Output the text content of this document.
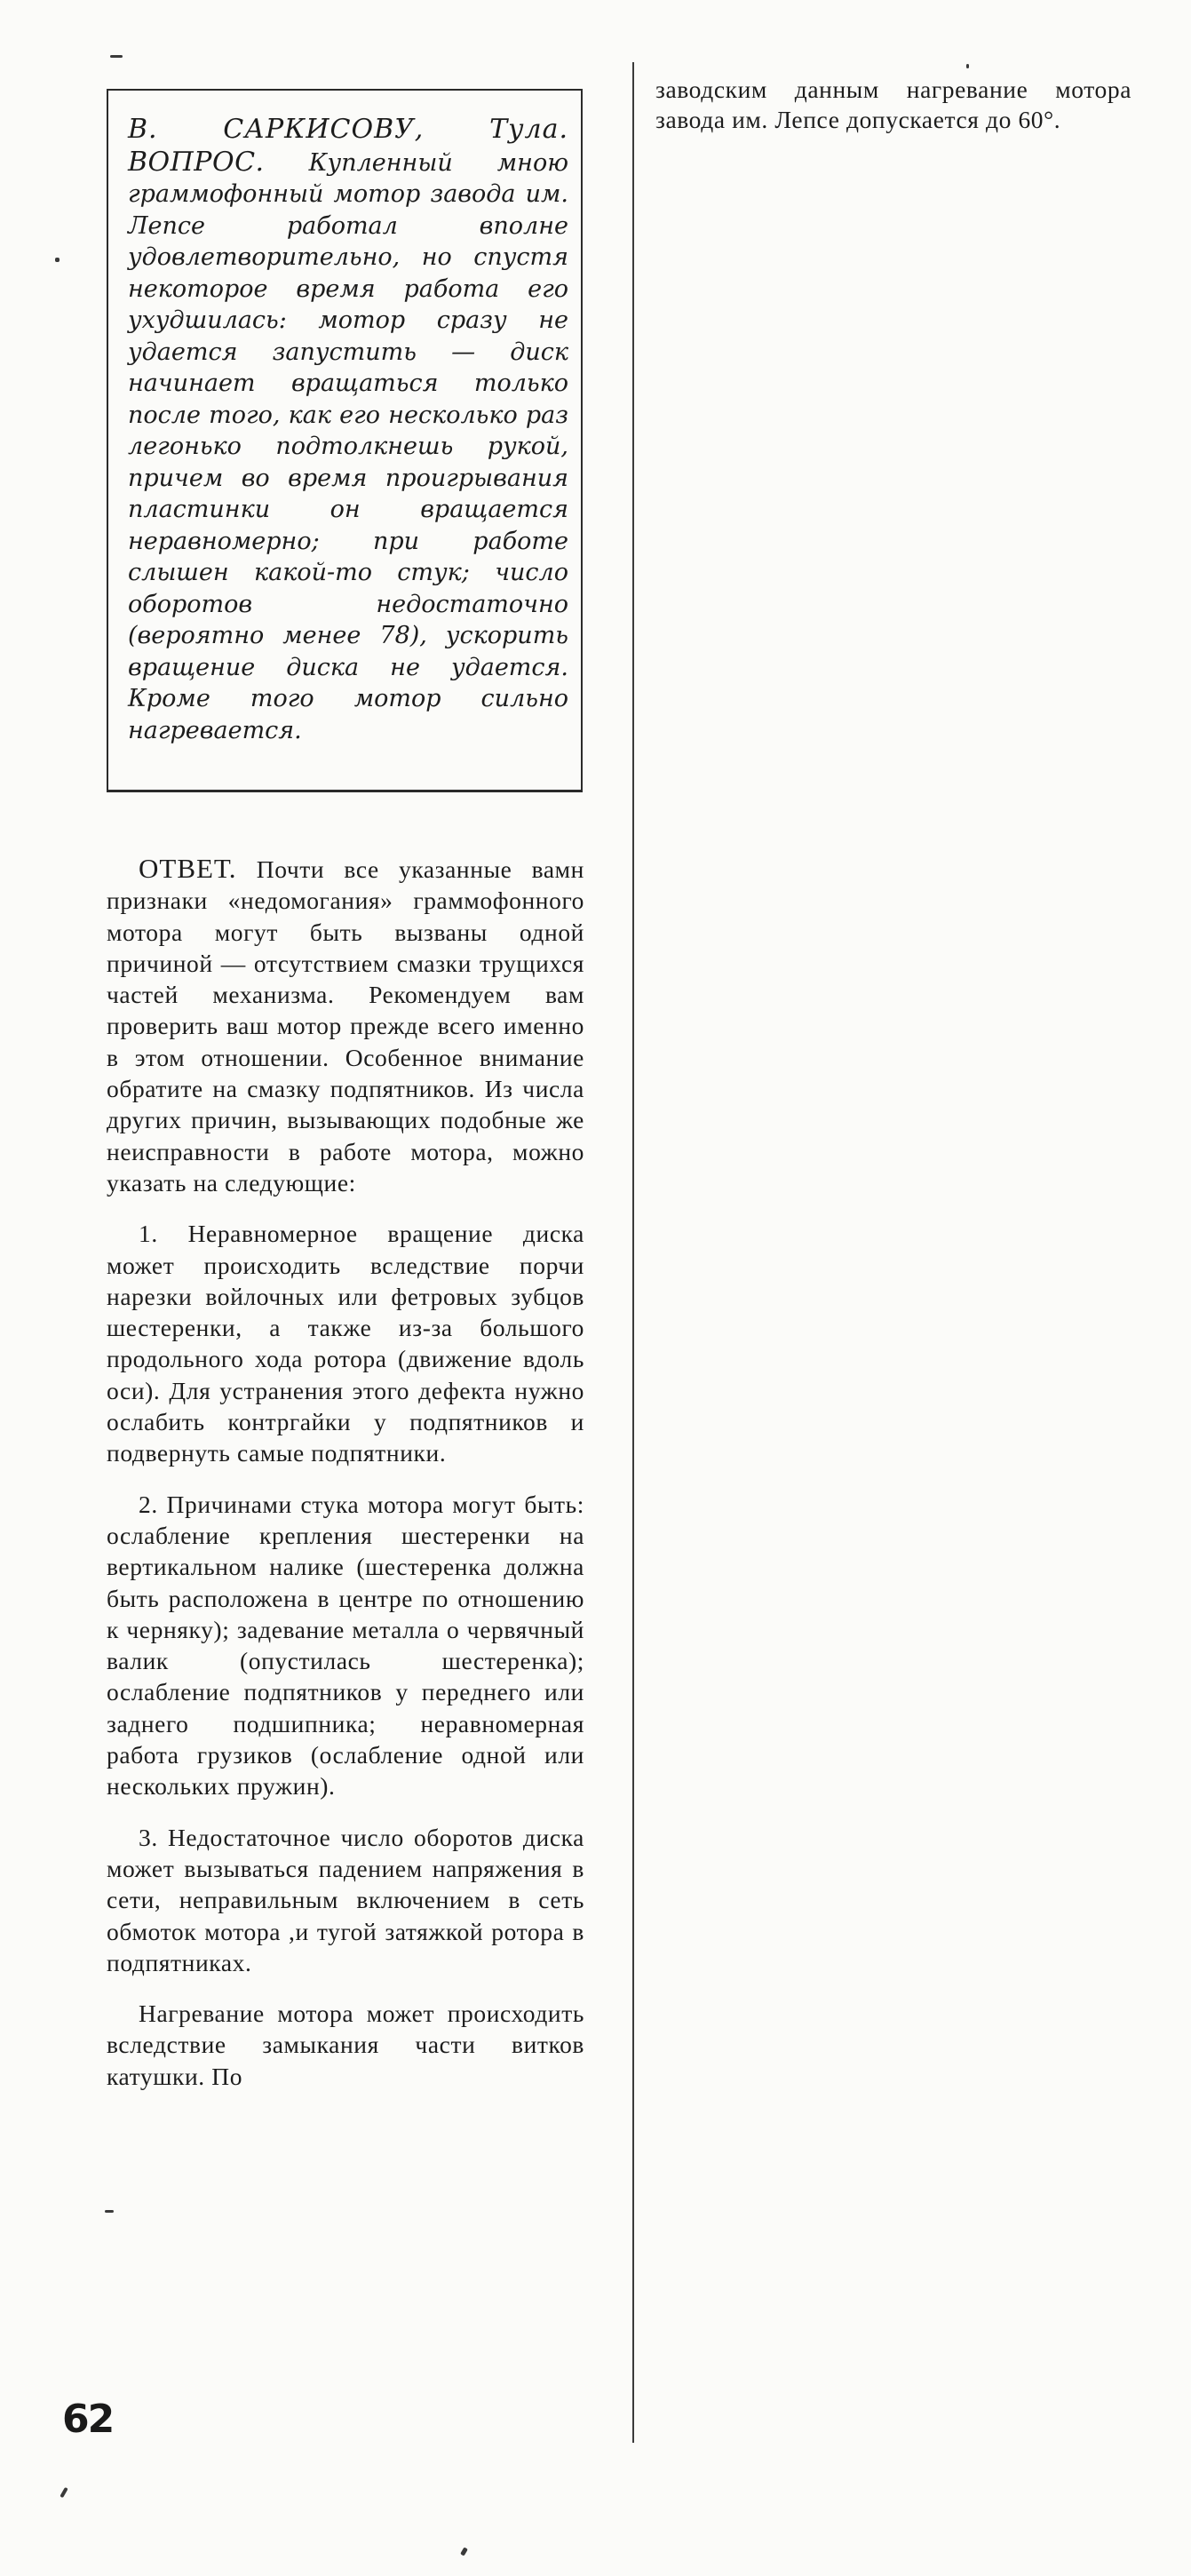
В. САРКИСОВУ, Тула. ВОПРОС. Купленный мною граммофонный мотор завода им. Лепсе работал вполне удовлетворительно, но спустя некоторое время работа его ухудшилась: мотор сразу не удается запустить — диск начинает вращаться только после того, как его несколько раз легонько подтолкнешь рукой, причем во время проигрывания пластинки он вращается неравномерно; при работе слышен какой-то стук; число оборотов недостаточно (вероятно менее 78), ускорить вращение диска не удается. Кроме того мотор сильно нагревается.

ОТВЕТ. Почти все указанные вамн признаки «недомогания» граммофонного мотора могут быть вызваны одной причиной — отсутствием смазки трущихся частей механизма. Рекомендуем вам проверить ваш мотор прежде всего именно в этом отношении. Особенное внимание обратите на смазку подпятников. Из числа других причин, вызывающих подобные же неисправности в работе мотора, можно указать на следующие:

1. Неравномерное вращение диска может происходить вследствие порчи нарезки войлочных или фетровых зубцов шестеренки, а также из-за большого продольного хода ротора (движение вдоль оси). Для устранения этого дефекта нужно ослабить контргайки у подпятников и подвернуть самые подпятники.

2. Причинами стука мотора могут быть: ослабление крепления шестеренки на вертикальном налике (шестеренка должна быть расположена в центре по отношению к черняку); задевание металла о червячный валик (опустилась шестеренка); ослабление подпятников у переднего или заднего подшипника; неравномерная работа грузиков (ослабление одной или нескольких пружин).

3. Недостаточное число оборотов диска может вызываться падением напряжения в сети, неправильным включением в сеть обмоток мотора ,и тугой затяжкой ротора в подпятниках.

Нагревание мотора может происходить вследствие замыкания части витков катушки. По

заводским данным нагревание мотора завода им. Лепсе допускается до 60°.

62
